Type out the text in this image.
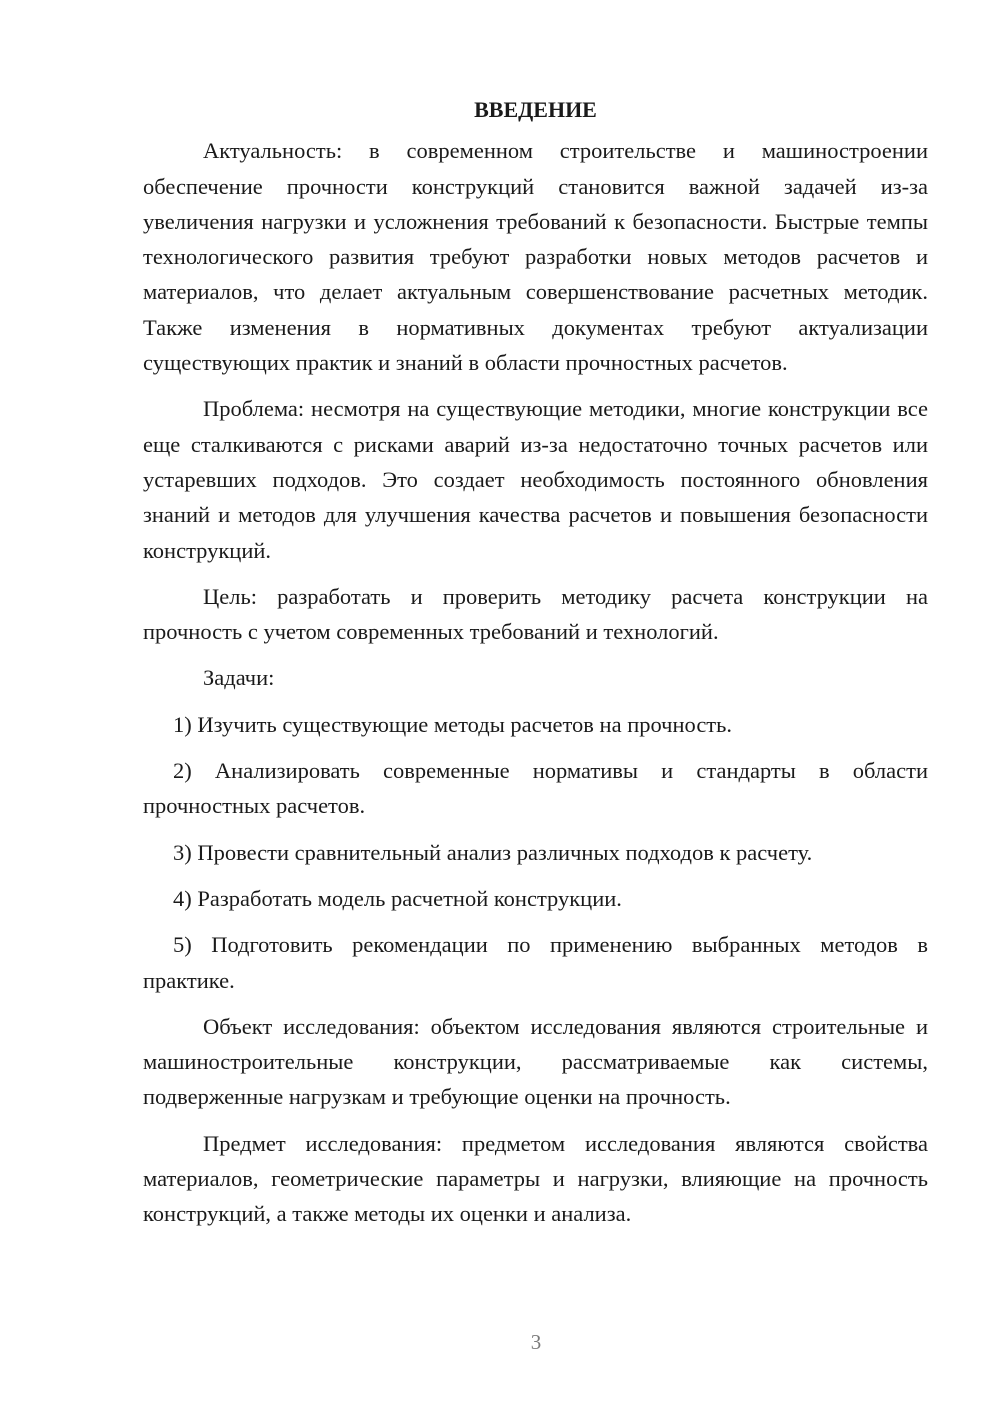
ВВЕДЕНИЕ

Актуальность: в современном строительстве и машиностроении обеспечение прочности конструкций становится важной задачей из-за увеличения нагрузки и усложнения требований к безопасности. Быстрые темпы технологического развития требуют разработки новых методов расчетов и материалов, что делает актуальным совершенствование расчетных методик. Также изменения в нормативных документах требуют актуализации существующих практик и знаний в области прочностных расчетов.

Проблема: несмотря на существующие методики, многие конструкции все еще сталкиваются с рисками аварий из-за недостаточно точных расчетов или устаревших подходов. Это создает необходимость постоянного обновления знаний и методов для улучшения качества расчетов и повышения безопасности конструкций.

Цель: разработать и проверить методику расчета конструкции на прочность с учетом современных требований и технологий.

Задачи:

1) Изучить существующие методы расчетов на прочность.

2) Анализировать современные нормативы и стандарты в области прочностных расчетов.

3) Провести сравнительный анализ различных подходов к расчету.

4) Разработать модель расчетной конструкции.

5) Подготовить рекомендации по применению выбранных методов в практике.

Объект исследования: объектом исследования являются строительные и машиностроительные конструкции, рассматриваемые как системы, подверженные нагрузкам и требующие оценки на прочность.

Предмет исследования: предметом исследования являются свойства материалов, геометрические параметры и нагрузки, влияющие на прочность конструкций, а также методы их оценки и анализа.

3
